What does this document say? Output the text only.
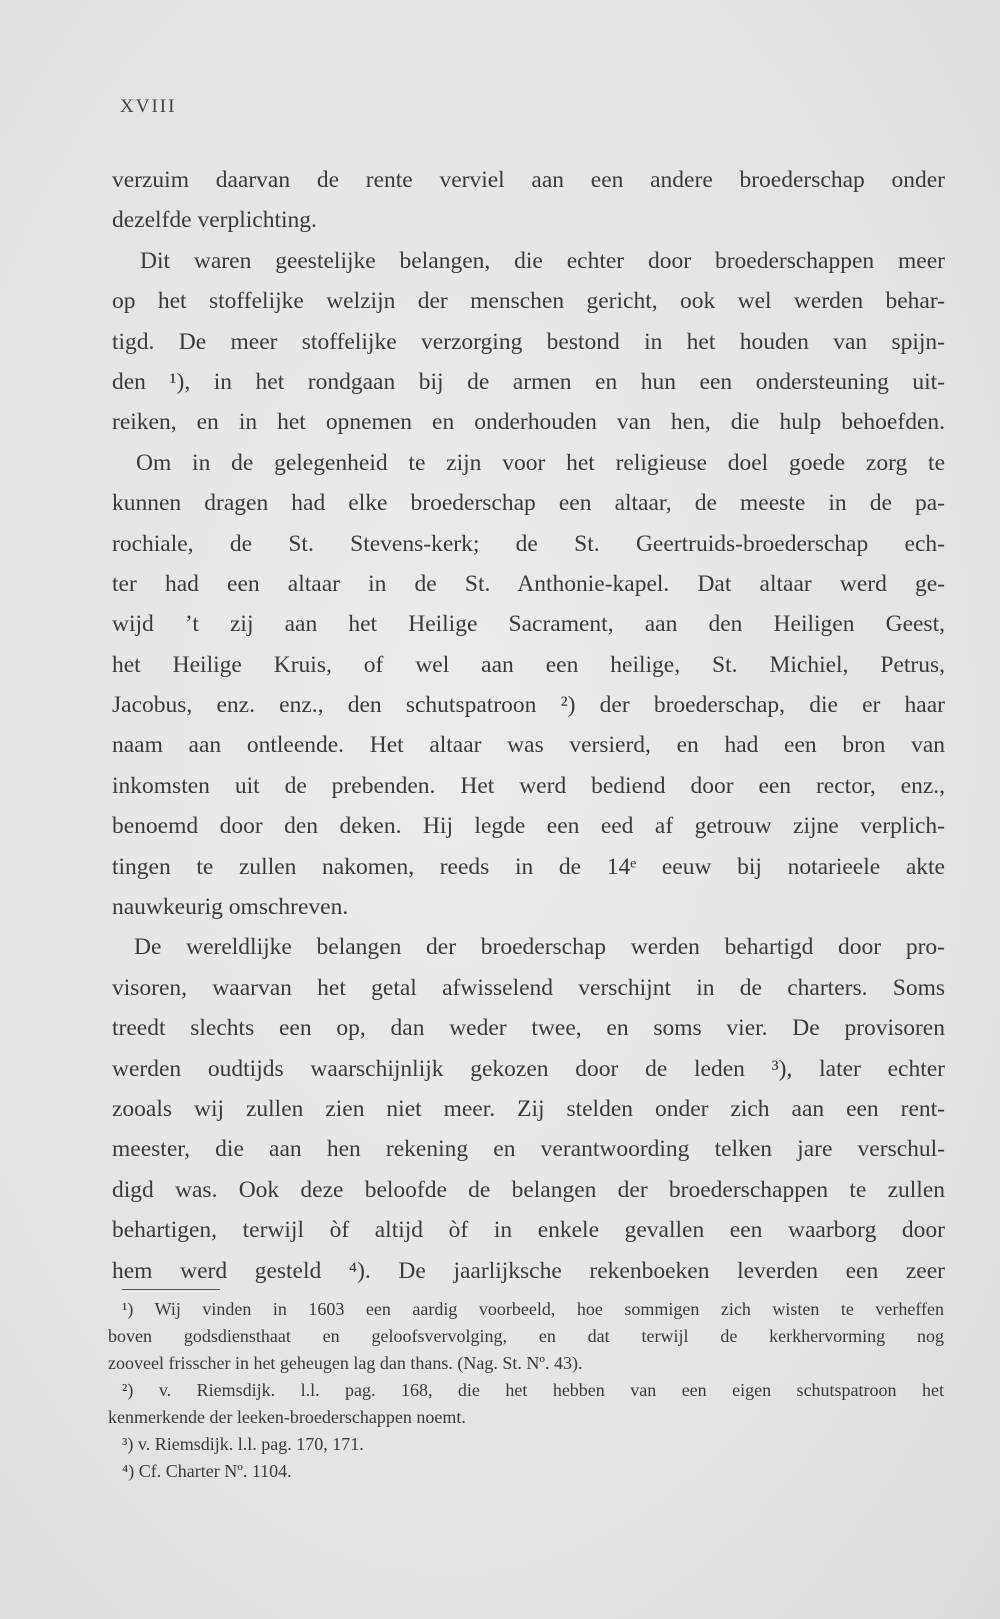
XVIII
verzuim daarvan de rente verviel aan een andere broederschap onder
dezelfde verplichting.
Dit waren geestelijke belangen, die echter door broederschappen meer
op het stoffelijke welzijn der menschen gericht, ook wel werden behar-
tigd. De meer stoffelijke verzorging bestond in het houden van spijn-
den ¹), in het rondgaan bij de armen en hun een ondersteuning uit-
reiken, en in het opnemen en onderhouden van hen, die hulp behoefden.
Om in de gelegenheid te zijn voor het religieuse doel goede zorg te
kunnen dragen had elke broederschap een altaar, de meeste in de pa-
rochiale, de St. Stevens-kerk; de St. Geertruids-broederschap ech-
ter had een altaar in de St. Anthonie-kapel. Dat altaar werd ge-
wijd ’t zij aan het Heilige Sacrament, aan den Heiligen Geest,
het Heilige Kruis, of wel aan een heilige, St. Michiel, Petrus,
Jacobus, enz. enz., den schutspatroon ²) der broederschap, die er haar
naam aan ontleende. Het altaar was versierd, en had een bron van
inkomsten uit de prebenden. Het werd bediend door een rector, enz.,
benoemd door den deken. Hij legde een eed af getrouw zijne verplich-
tingen te zullen nakomen, reeds in de 14ᵉ eeuw bij notarieele akte
nauwkeurig omschreven.
De wereldlijke belangen der broederschap werden behartigd door pro-
visoren, waarvan het getal afwisselend verschijnt in de charters. Soms
treedt slechts een op, dan weder twee, en soms vier. De provisoren
werden oudtijds waarschijnlijk gekozen door de leden ³), later echter
zooals wij zullen zien niet meer. Zij stelden onder zich aan een rent-
meester, die aan hen rekening en verantwoording telken jare verschul-
digd was. Ook deze beloofde de belangen der broederschappen te zullen
behartigen, terwijl òf altijd òf in enkele gevallen een waarborg door
hem werd gesteld ⁴). De jaarlijksche rekenboeken leverden een zeer
¹) Wij vinden in 1603 een aardig voorbeeld, hoe sommigen zich wisten te verheffen
boven godsdiensthaat en geloofsvervolging, en dat terwijl de kerkhervorming nog
zooveel frisscher in het geheugen lag dan thans. (Nag. St. Nº. 43).
²) v. Riemsdijk. l.l. pag. 168, die het hebben van een eigen schutspatroon het
kenmerkende der leeken-broederschappen noemt.
³) v. Riemsdijk. l.l. pag. 170, 171.
⁴) Cf. Charter Nº. 1104.
